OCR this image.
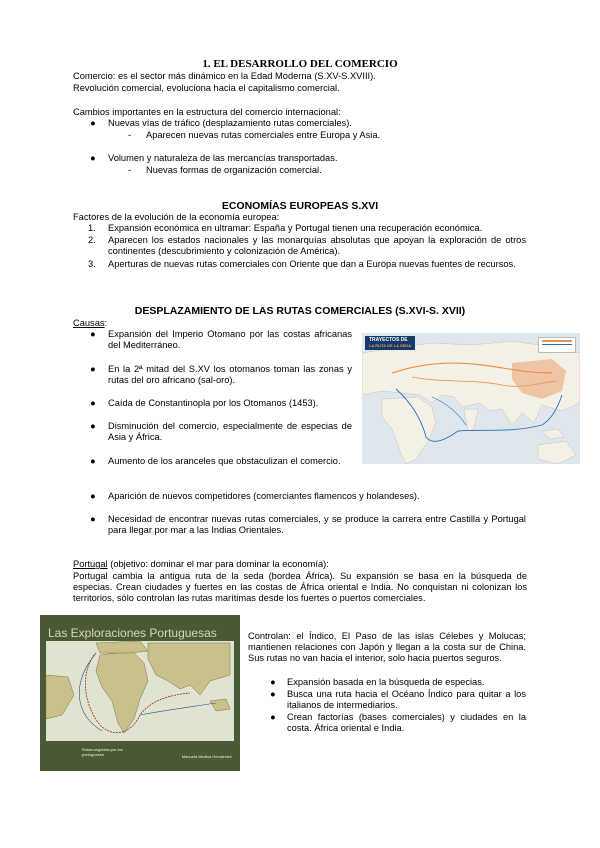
1. EL DESARROLLO DEL COMERCIO
Comercio: es el sector más dinámico en la Edad Moderna (S.XV-S.XVIII).
Revolución comercial, evoluciona hacia el capitalismo comercial.
Cambios importantes en la estructura del comercio internacional:
● Nuevas vías de tráfico (desplazamiento rutas comerciales).
- Aparecen nuevas rutas comerciales entre Europa y Asia.
● Volumen y naturaleza de las mercancías transportadas.
- Nuevas formas de organización comercial.
ECONOMÍAS EUROPEAS S.XVI
Factores de la evolución de la economía europea:
1. Expansión económica en ultramar: España y Portugal tienen una recuperación económica.
2. Aparecen los estados nacionales y las monarquías absolutas que apoyan la exploración de otros continentes (descubrimiento y colonización de América).
3. Aperturas de nuevas rutas comerciales con Oriente que dan a Europa nuevas fuentes de recursos.
DESPLAZAMIENTO DE LAS RUTAS COMERCIALES (S.XVI-S. XVII)
Causas:
● Expansión del Imperio Otomano por las costas africanas del Mediterráneo.
● En la 2ª mitad del S.XV los otomanos toman las zonas y rutas del oro africano (sal-oro).
● Caída de Constantinopla por los Otomanos (1453).
● Disminución del comercio, especialmente de especias de Asia y África.
● Aumento de los aranceles que obstaculizan el comercio.
● Aparición de nuevos competidores (comerciantes flamencos y holandeses).
● Necesidad de encontrar nuevas rutas comerciales, y se produce la carrera entre Castilla y Portugal para llegar por mar a las Indias Orientales.
TRAYECTOS DE
LA RUTA DE LA SEDA
Portugal (objetivo: dominar el mar para dominar la economía):
Portugal cambia la antigua ruta de la seda (bordea África). Su expansión se basa en la búsqueda de especias. Crean ciudades y fuertes en las costas de África oriental e India. No conquistan ni colonizan los territorios, sólo controlan las rutas marítimas desde los fuertes o puertos comerciales.
Las Exploraciones Portuguesas
Rutas seguidas por los portugueses	Manuela Medina Hernández
Controlan: el Índico, El Paso de las islas Célebes y Molucas; mantienen relaciones con Japón y llegan a la costa sur de China. Sus rutas no van hacia el interior, solo hacia puertos seguros.
● Expansión basada en la búsqueda de especias.
● Busca una ruta hacia el Océano Índico para quitar a los italianos de intermediarios.
● Crean factorías (bases comerciales) y ciudades en la costa. África oriental e India.
